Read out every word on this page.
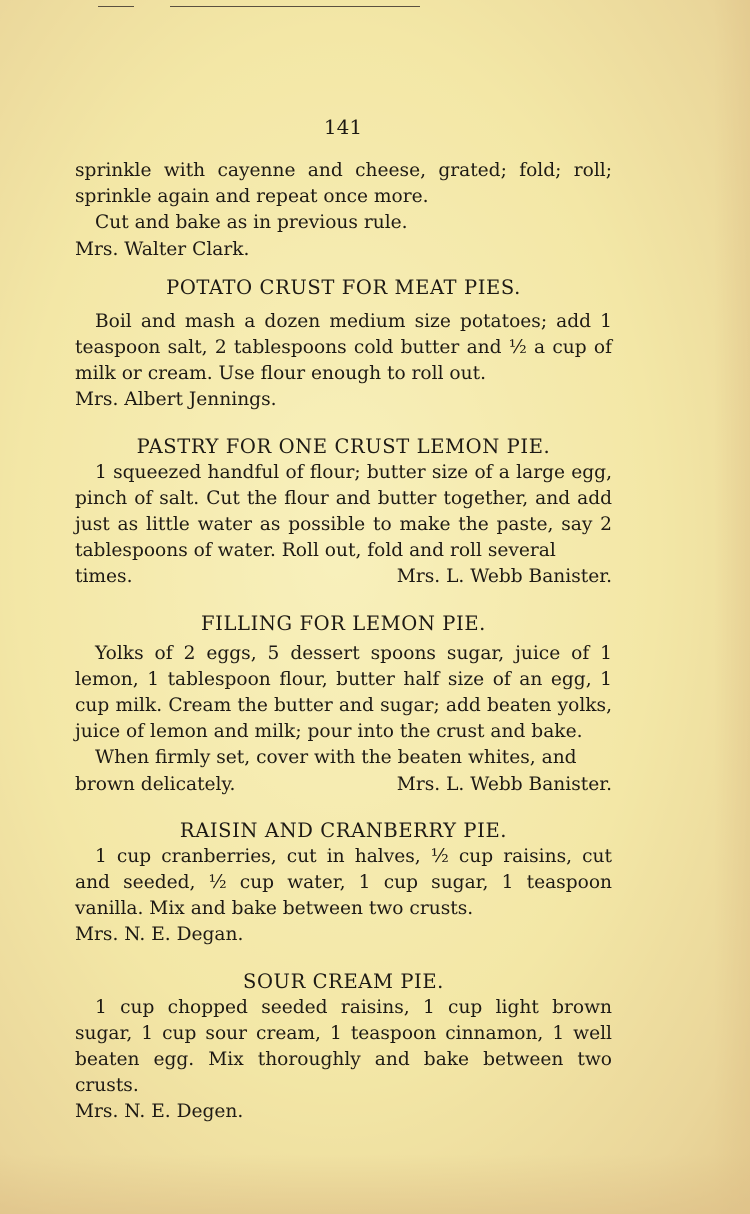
141

sprinkle with cayenne and cheese, grated; fold; roll; sprinkle again and repeat once more.

Cut and bake as in previous rule.

Mrs. Walter Clark.

POTATO CRUST FOR MEAT PIES.

Boil and mash a dozen medium size potatoes; add 1 teaspoon salt, 2 tablespoons cold butter and ½ a cup of milk or cream. Use flour enough to roll out.

Mrs. Albert Jennings.

PASTRY FOR ONE CRUST LEMON PIE.

1 squeezed handful of flour; butter size of a large egg, pinch of salt. Cut the flour and butter together, and add just as little water as possible to make the paste, say 2 tablespoons of water. Roll out, fold and roll several

times.	Mrs. L. Webb Banister.
FILLING FOR LEMON PIE.

Yolks of 2 eggs, 5 dessert spoons sugar, juice of 1 lemon, 1 tablespoon flour, butter half size of an egg, 1 cup milk. Cream the butter and sugar; add beaten yolks, juice of lemon and milk; pour into the crust and bake.

When firmly set, cover with the beaten whites, and

brown delicately.	Mrs. L. Webb Banister.
RAISIN AND CRANBERRY PIE.

1 cup cranberries, cut in halves, ½ cup raisins, cut and seeded, ½ cup water, 1 cup sugar, 1 teaspoon vanilla. Mix and bake between two crusts.

Mrs. N. E. Degan.

SOUR CREAM PIE.

1 cup chopped seeded raisins, 1 cup light brown sugar, 1 cup sour cream, 1 teaspoon cinnamon, 1 well beaten egg. Mix thoroughly and bake between two crusts.

Mrs. N. E. Degen.
